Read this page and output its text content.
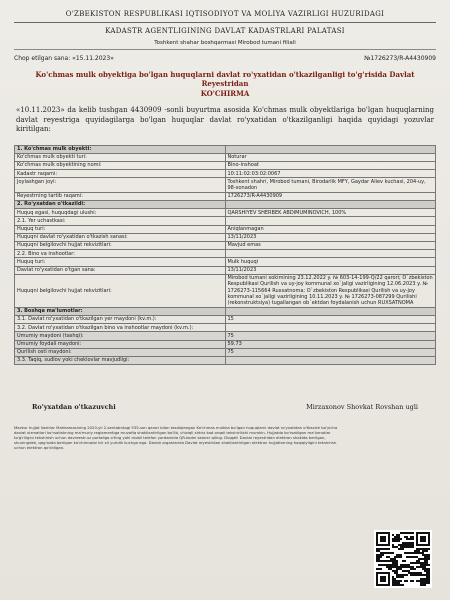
O'ZBEKISTON RESPUBLIKASI IQTISODIYOT VA MOLIYA VAZIRLIGI HUZURIDAGI
KADASTR AGENTLIGINING DAVLAT KADASTRLARI PALATASI
Toshkent shahar boshqarmasi Mirobod tumani filiali
Chop etilgan sana: «15.11.2023»	№1726273/R-A4430909
Ko'chmas mulk obyektiga bo'lgan huquqlarni davlat ro'yxatidan o'tkazilganligi to'g'risida Davlat Reyestridan
KO'CHIRMA
«10.11.2023» da kelib tushgan 4430909 -sonli buyurtma asosida Ko'chmas mulk obyektlariga bo'lgan huquqlarning davlat reyestriga quyidagilarga bo'lgan huquqlar davlat ro'yxatidan o'tkazilganligi haqida quyidagi yozuvlar kiritilgan:
1. Ko'chmas mulk obyekti:	
Ko'chmas mulk obyekti turi:	Noturar
Ko'chmas mulk obyektining nomi:	Bino-inshoat
Kadastr raqami:	10:11:02:03:02:0067
Joylashgan joyi:	Toshkent shahri, Mirobod tumani, Birodarlik MFY, Gaydar Aliev kuchasi, 204-uy, 98-xonadon
Reyestrning tartib raqami:	1726273/R-A4430909
2. Ro'yxatdan o'tkazildi:	
Huquq egasi, huquqdagi ulushi:	QARSHIYEV SHERBEK ABDIMUMINOVICH, 100%
2.1. Yer uchastkasi:	
Huquq turi:	Aniqlanmagan
Huquqni davlat ro'yxatidan o'tkazish sanasi:	13/11/2023
Huquqni belgilovchi hujjat rekvizitlari:	Mavjud emas
2.2. Bino va inshootlar:	
Huquq turi:	Mulk huquqi
Davlat ro'yxatidan o'tgan sana:	13/11/2023
Huquqni belgilovchi hujjat rekvizitlari:	Mirobod tumani xokimining 23.12.2022 y. № 603-14-199-Q/22 qarori; O`zbekiston Respublikasi Qurilish va uy-joy kommunal xo`jaligi vazirligining 12.06.2023 y. № 1726273-115664 Ruxsatnoma; O`zbekiston Respublikasi Qurilish va uy-joy kommunal xo`jaligi vazirligining 10.11.2023 y. № 1726273-087299 Qurilishi (rekonstruktsiya) tugallangan ob`ektdan foydalanish uchun RUXSATNOMA
3. Boshqa ma'lumotlar:	
3.1. Davlat ro'yxatidan o'tkazilgan yer maydoni (kv.m.):	15
3.2. Davlat ro'yxatidan o'tkazilgan bino va inshootlar maydoni (kv.m.):	
Umumiy maydoni (tashqi):	75
Umumiy foydali maydoni:	59.73
Qurilish osti maydoni:	75
3.3. Taqiq, sudlov yoki cheklovlar mavjudligi:	
Ro'yxatdan o'tkazuvchi	Mirzaxonov Shovkat Rovshan ugli
Mazkur hujjat Vazirlar Mahkamasining 2020-yil 2-sentabrdagi 535-son qarori bilan tasdiqlangan Ko'chmas mulkka bo'lgan huquqlarni davlat ro'yxatidan o'tkazish bo'yicha davlat xizmatlari ko'rsatishning ma'muriy reglamentiga muvofiq shakllantirilgan bo'lib, chiziqli shtrix kod orqali tekshirilishi mumkin. Hujjatda ko'rsatilgan ma'lumotlar to'g'riligini tekshirish uchun davreestr.uz portaliga o'ting yoki mobil telefon yordamida QR-kodni skaner qiling. Diqqat! Davlat reyestridan elektron shaklda berilgan, shuningdek, qog'ozda berilgan ko'chirmalar bir xil yuridik kuchga ega. Davlat organlarida Davlat reyestridan shakllantirilgan elektron hujjatlarning haqiqiyligini tekshirish uchun elektron qo'shilgan.
